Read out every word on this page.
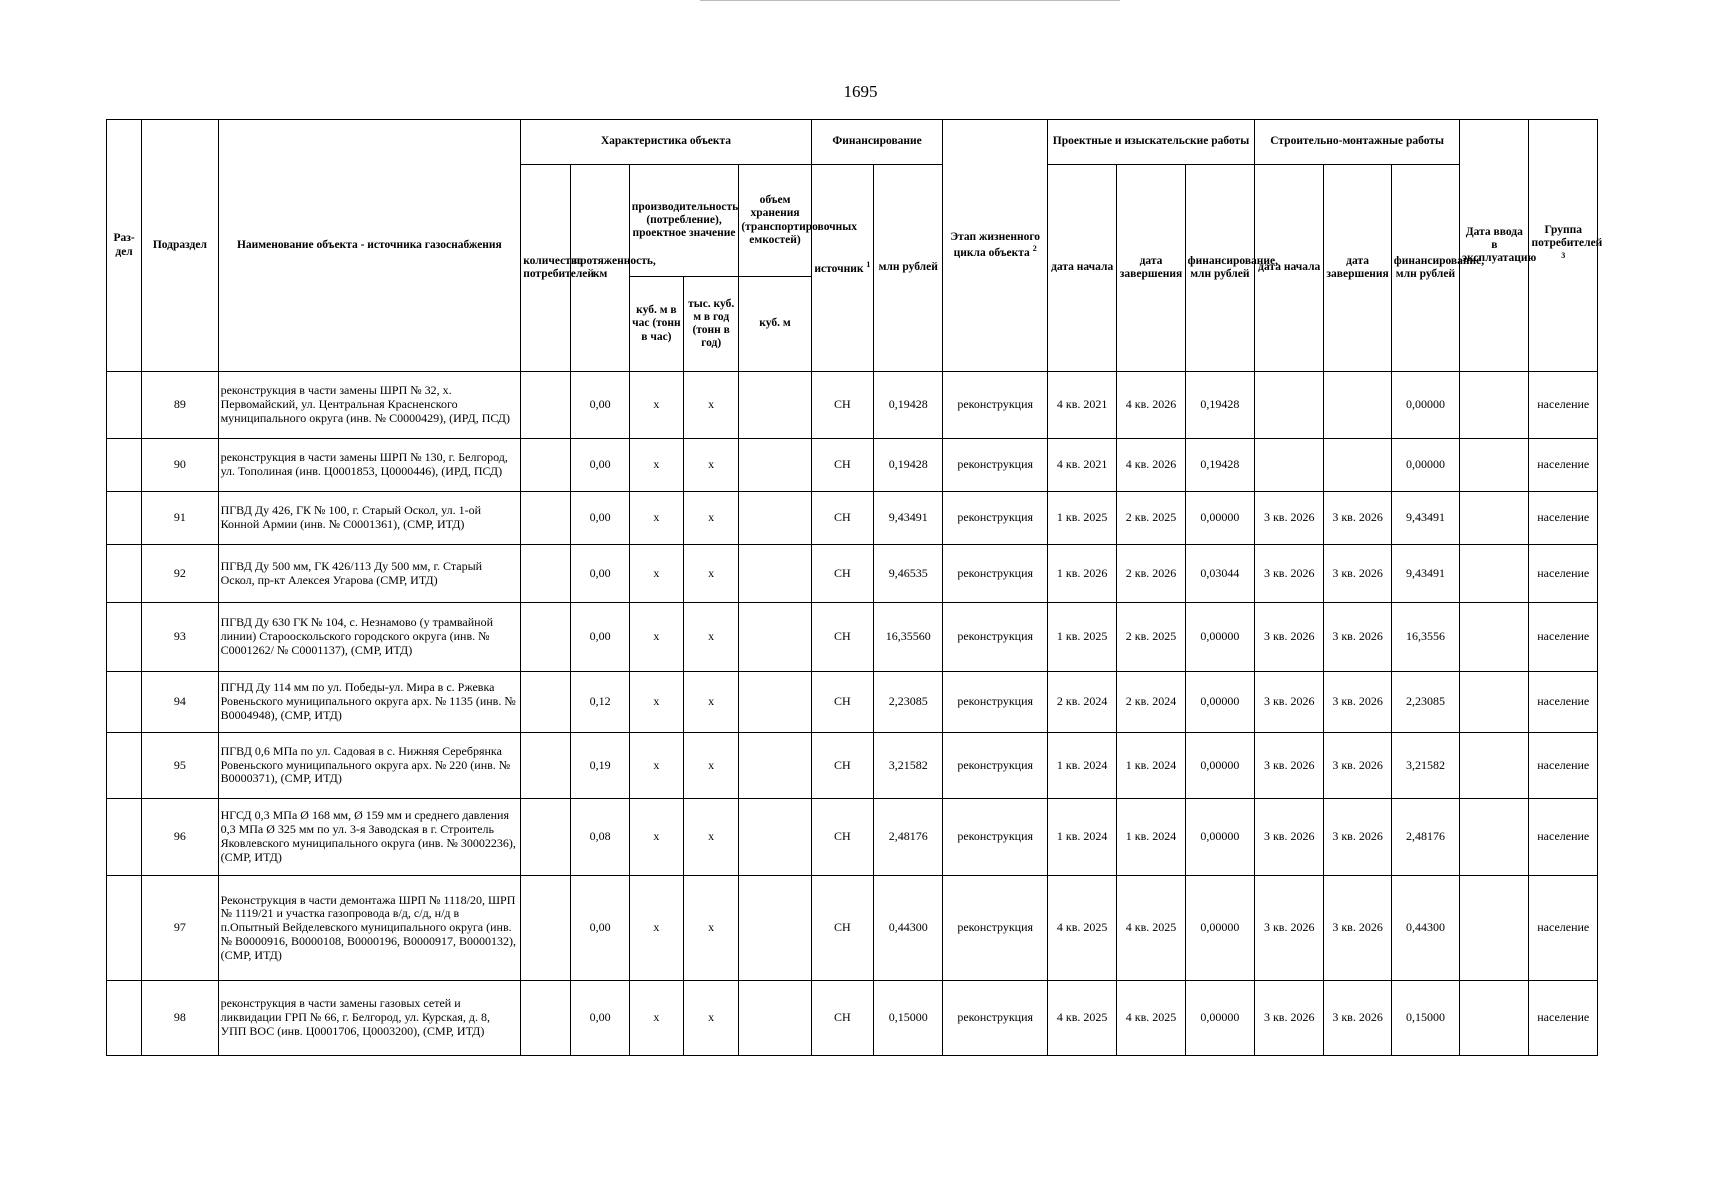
1695
Раз-дел	Подраздел	Наименование объекта - источника газоснабжения	Характеристика объекта					Финансирование		Этап жизненного цикла объекта $^2$	Проектные и изыскательские работы			Строительно-монтажные работы			Дата ввода в эксплуатацию	Группа потребителей $^3$
			количество потребителей	протяженность, км	производительность (потребление), проектное значение		объем хранения (транспортировочных емкостей)	источник $^1$	млн рублей		дата начала	дата завершения	финансирование, млн рублей	дата начала	дата завершения	финансирование, млн рублей		
					куб. м в час (тонн в час)	тыс. куб. м в год (тонн в год)	куб. м											
	89	реконструкция в части замены ШРП № 32, х. Первомайский, ул. Центральная Красненского муниципального округа (инв. № С0000429), (ИРД, ПСД)		0,00	х	х		СН	0,19428	реконструкция	4 кв. 2021	4 кв. 2026	0,19428			0,00000		население
	90	реконструкция в части замены ШРП № 130, г. Белгород, ул. Тополиная (инв. Ц0001853, Ц0000446), (ИРД, ПСД)		0,00	х	х		СН	0,19428	реконструкция	4 кв. 2021	4 кв. 2026	0,19428			0,00000		население
	91	ПГВД Ду 426, ГК № 100, г. Старый Оскол, ул. 1-ой Конной Армии (инв. № С0001361), (СМР, ИТД)		0,00	х	х		СН	9,43491	реконструкция	1 кв. 2025	2 кв. 2025	0,00000	3 кв. 2026	3 кв. 2026	9,43491		население
	92	ПГВД Ду 500 мм, ГК 426/113 Ду 500 мм, г. Старый Оскол, пр-кт Алексея Угарова (СМР, ИТД)		0,00	х	х		СН	9,46535	реконструкция	1 кв. 2026	2 кв. 2026	0,03044	3 кв. 2026	3 кв. 2026	9,43491		население
	93	ПГВД Ду 630 ГК № 104, с. Незнамово (у трамвайной линии) Старооскольского городского округа (инв. № С0001262/ № С0001137), (СМР, ИТД)		0,00	х	х		СН	16,35560	реконструкция	1 кв. 2025	2 кв. 2025	0,00000	3 кв. 2026	3 кв. 2026	16,3556		население
	94	ПГНД Ду 114 мм по ул. Победы-ул. Мира в с. Ржевка Ровеньского муниципального округа арх. № 1135 (инв. № В0004948), (СМР, ИТД)		0,12	х	х		СН	2,23085	реконструкция	2 кв. 2024	2 кв. 2024	0,00000	3 кв. 2026	3 кв. 2026	2,23085		население
	95	ПГВД 0,6 МПа по ул. Садовая в с. Нижняя Серебрянка Ровеньского муниципального округа арх. № 220 (инв. № В0000371), (СМР, ИТД)		0,19	х	х		СН	3,21582	реконструкция	1 кв. 2024	1 кв. 2024	0,00000	3 кв. 2026	3 кв. 2026	3,21582		население
	96	НГСД 0,3 МПа Ø 168 мм, Ø 159 мм и среднего давления 0,3 МПа Ø 325 мм по ул. 3-я Заводская в г. Строитель Яковлевского муниципального округа (инв. № 30002236), (СМР, ИТД)		0,08	х	х		СН	2,48176	реконструкция	1 кв. 2024	1 кв. 2024	0,00000	3 кв. 2026	3 кв. 2026	2,48176		население
	97	Реконструкция в части демонтажа ШРП № 1118/20, ШРП № 1119/21 и участка газопровода в/д, с/д, н/д в п.Опытный Вейделевского муниципального округа (инв. № В0000916, В0000108, В0000196, В0000917, В0000132), (СМР, ИТД)		0,00	х	х		СН	0,44300	реконструкция	4 кв. 2025	4 кв. 2025	0,00000	3 кв. 2026	3 кв. 2026	0,44300		население
	98	реконструкция в части замены газовых сетей и ликвидации ГРП № 66, г. Белгород, ул. Курская, д. 8, УПП ВОС (инв. Ц0001706, Ц0003200), (СМР, ИТД)		0,00	х	х		СН	0,15000	реконструкция	4 кв. 2025	4 кв. 2025	0,00000	3 кв. 2026	3 кв. 2026	0,15000		население
